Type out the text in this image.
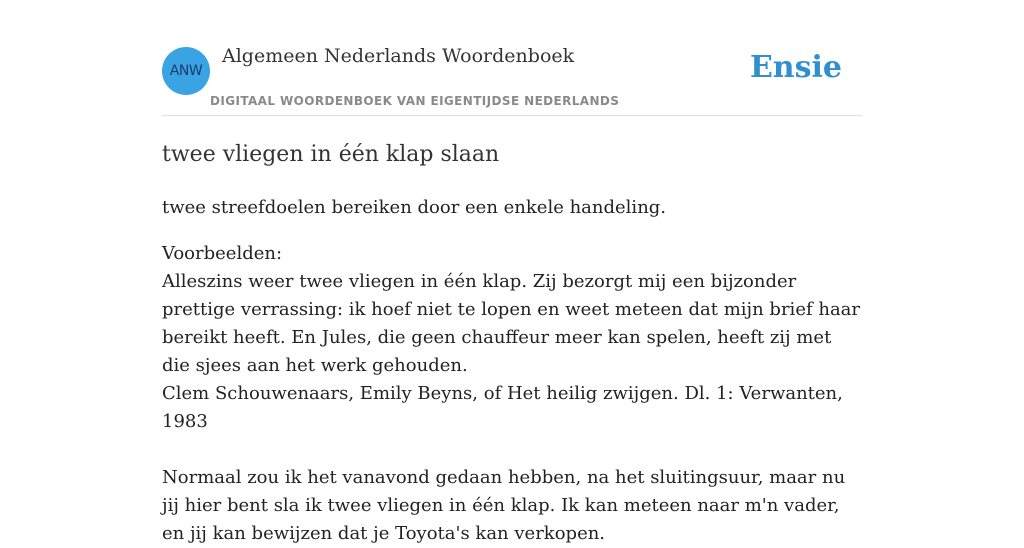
ANW
Algemeen Nederlands Woordenboek
DIGITAAL WOORDENBOEK VAN EIGENTIJDSE NEDERLANDS
Ensie
twee vliegen in één klap slaan

twee streefdoelen bereiken door een enkele handeling.

Voorbeelden:

Alleszins weer twee vliegen in één klap. Zij bezorgt mij een bijzonder prettige verrassing: ik hoef niet te lopen en weet meteen dat mijn brief haar bereikt heeft. En Jules, die geen chauffeur meer kan spelen, heeft zij met die sjees aan het werk gehouden.

Clem Schouwenaars, Emily Beyns, of Het heilig zwijgen. Dl. 1: Verwanten, 1983

Normaal zou ik het vanavond gedaan hebben, na het sluitingsuur, maar nu jij hier bent sla ik twee vliegen in één klap. Ik kan meteen naar m'n vader, en jij kan bewijzen dat je Toyota's kan verkopen.
